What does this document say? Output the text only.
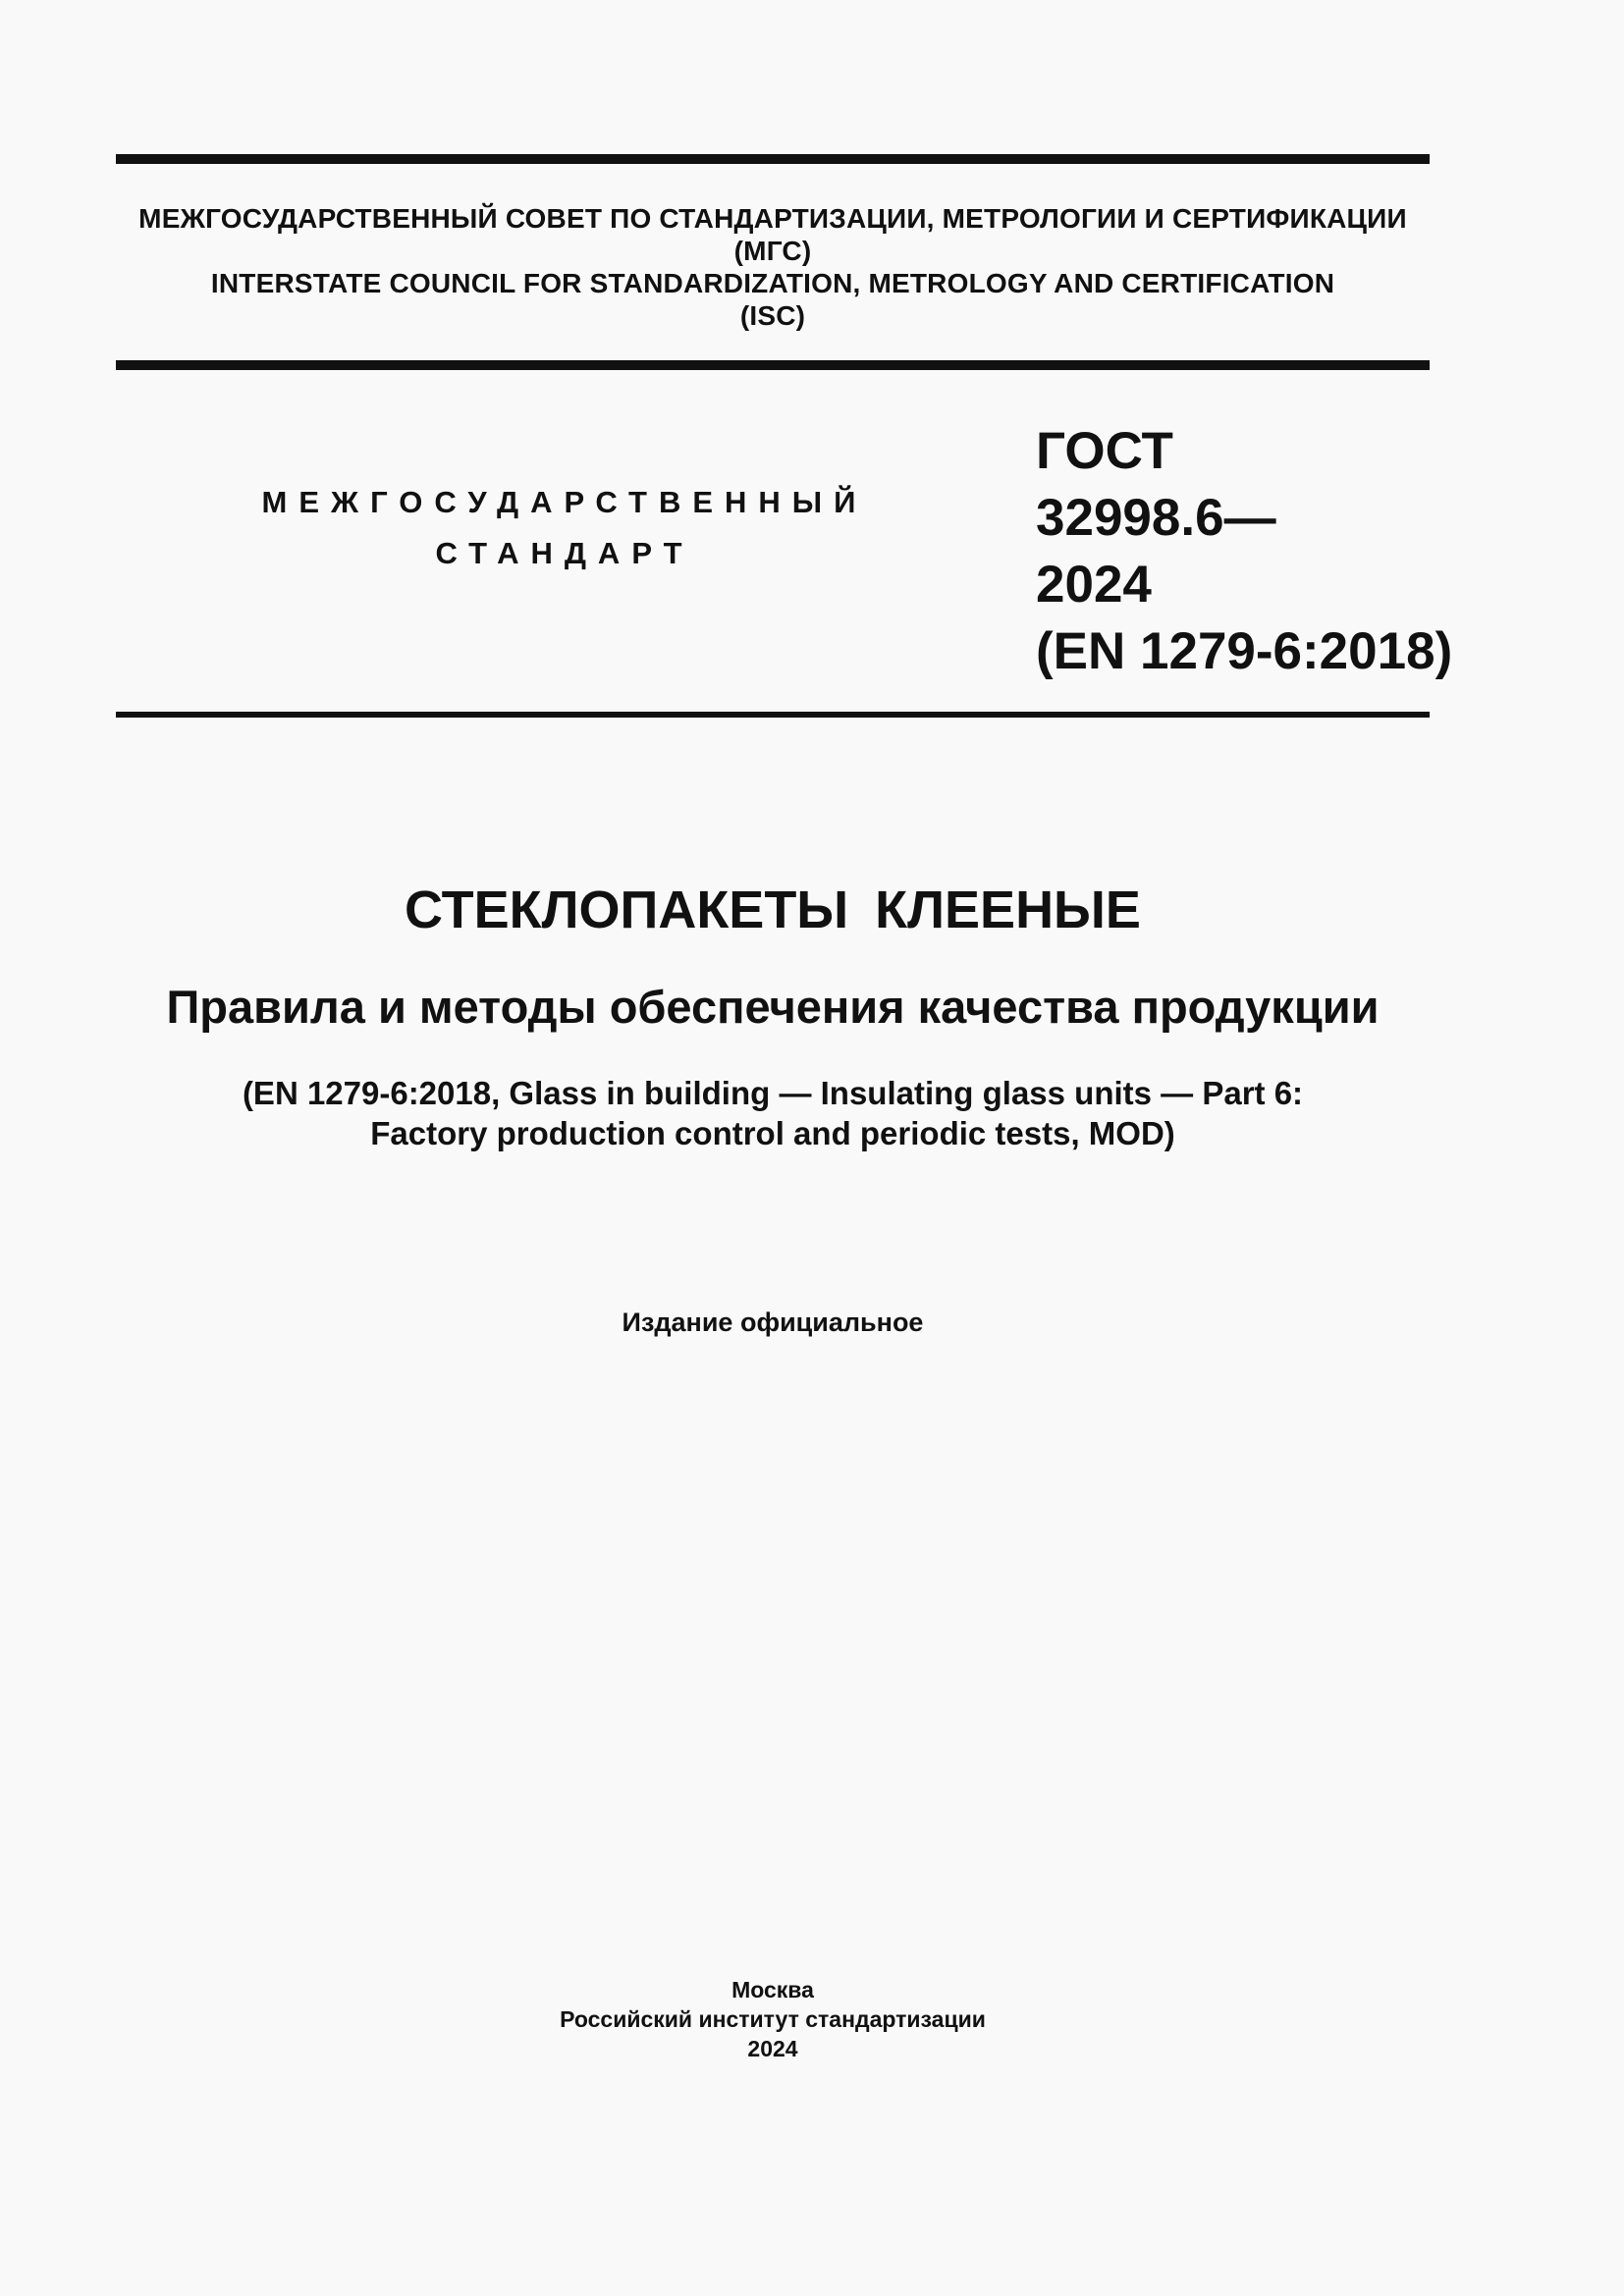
МЕЖГОСУДАРСТВЕННЫЙ СОВЕТ ПО СТАНДАРТИЗАЦИИ, МЕТРОЛОГИИ И СЕРТИФИКАЦИИ
(МГС)
INTERSTATE COUNCIL FOR STANDARDIZATION, METROLOGY AND CERTIFICATION
(ISC)
МЕЖГОСУДАРСТВЕННЫЙ
СТАНДАРТ
ГОСТ
32998.6—
2024
(EN 1279-6:2018)
СТЕКЛОПАКЕТЫ КЛЕЕНЫЕ
Правила и методы обеспечения качества продукции
(EN 1279-6:2018, Glass in building — Insulating glass units — Part 6:
Factory production control and periodic tests, MOD)
Издание официальное
Москва
Российский институт стандартизации
2024
